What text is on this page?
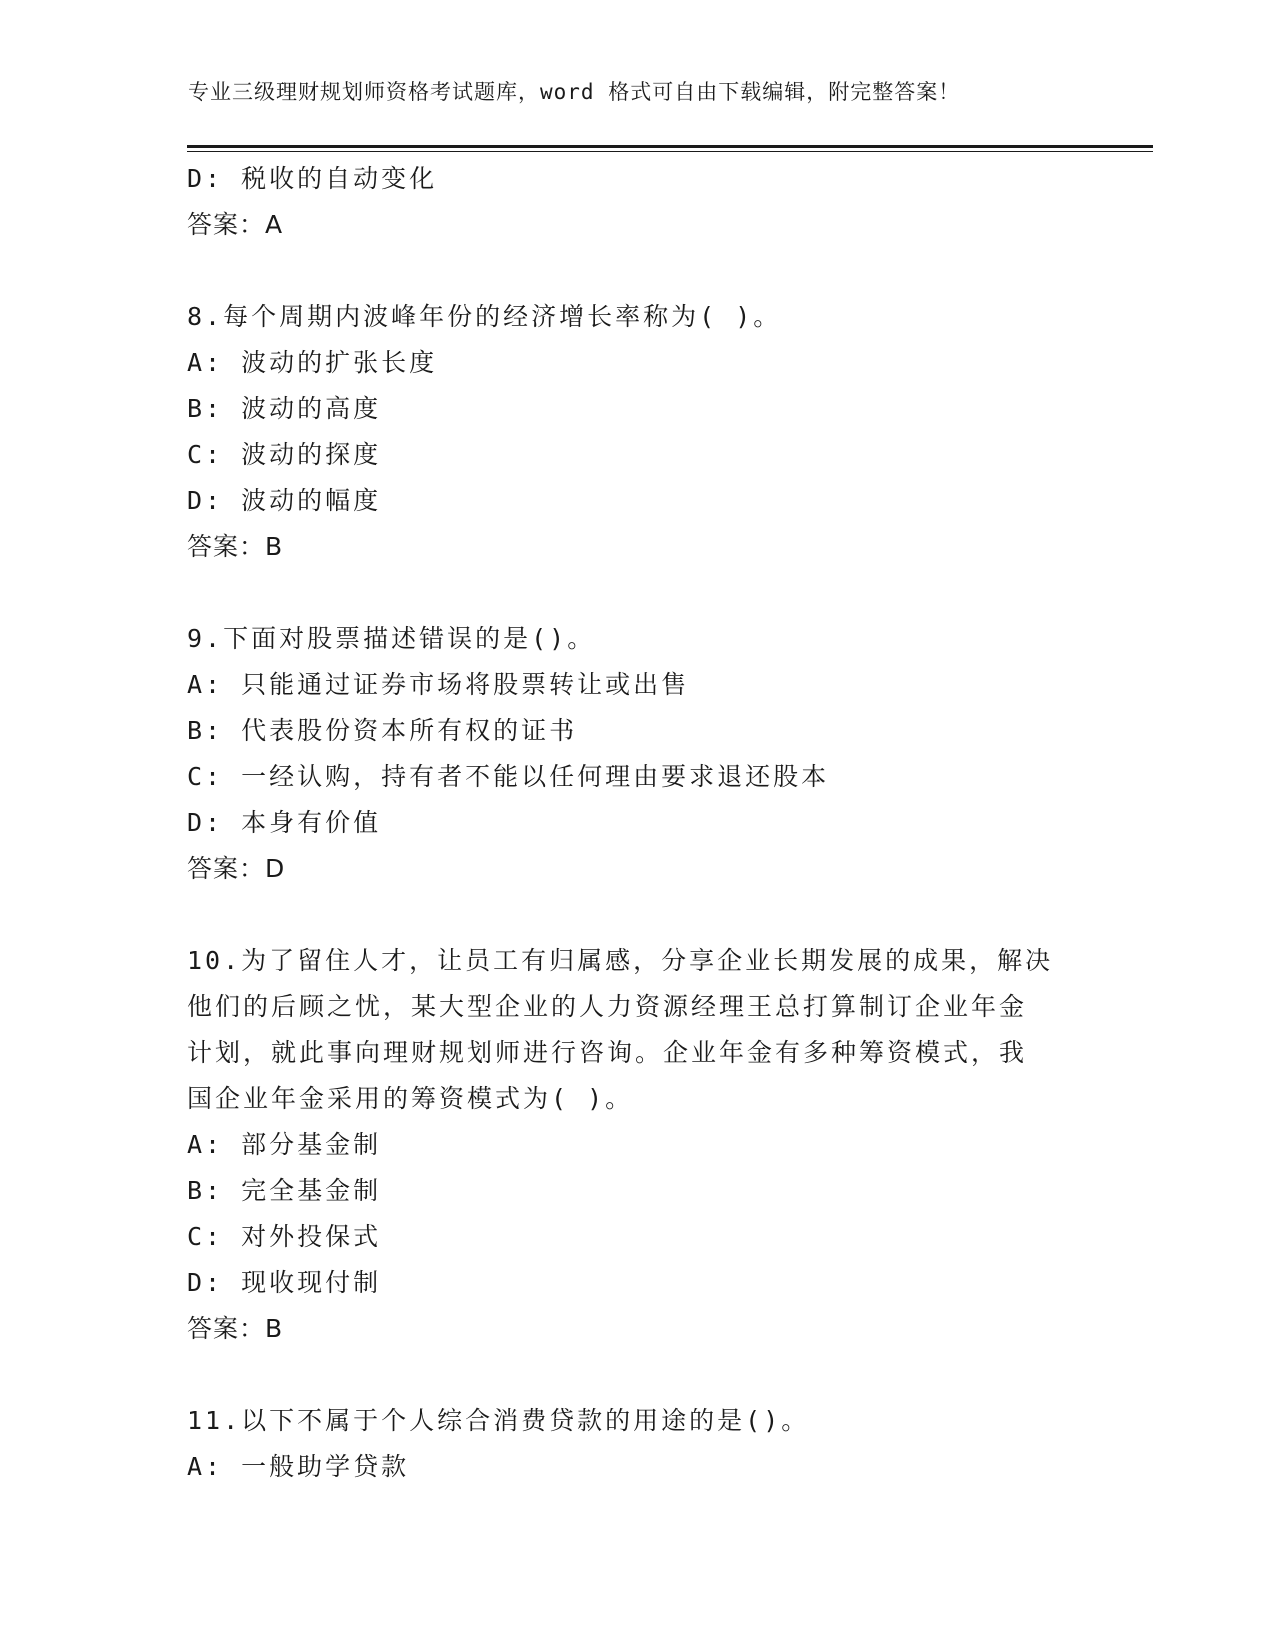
专业三级理财规划师资格考试题库，word 格式可自由下载编辑，附完整答案！
D: 税收的自动变化
答案：A
8.每个周期内波峰年份的经济增长率称为( )。
A: 波动的扩张长度
B: 波动的高度
C: 波动的探度
D: 波动的幅度
答案：B
9.下面对股票描述错误的是()。
A: 只能通过证券市场将股票转让或出售
B: 代表股份资本所有权的证书
C: 一经认购，持有者不能以任何理由要求退还股本
D: 本身有价值
答案：D
10.为了留住人才，让员工有归属感，分享企业长期发展的成果，解决
他们的后顾之忧，某大型企业的人力资源经理王总打算制订企业年金
计划，就此事向理财规划师进行咨询。企业年金有多种筹资模式，我
国企业年金采用的筹资模式为( )。
A: 部分基金制
B: 完全基金制
C: 对外投保式
D: 现收现付制
答案：B
11.以下不属于个人综合消费贷款的用途的是()。
A: 一般助学贷款
